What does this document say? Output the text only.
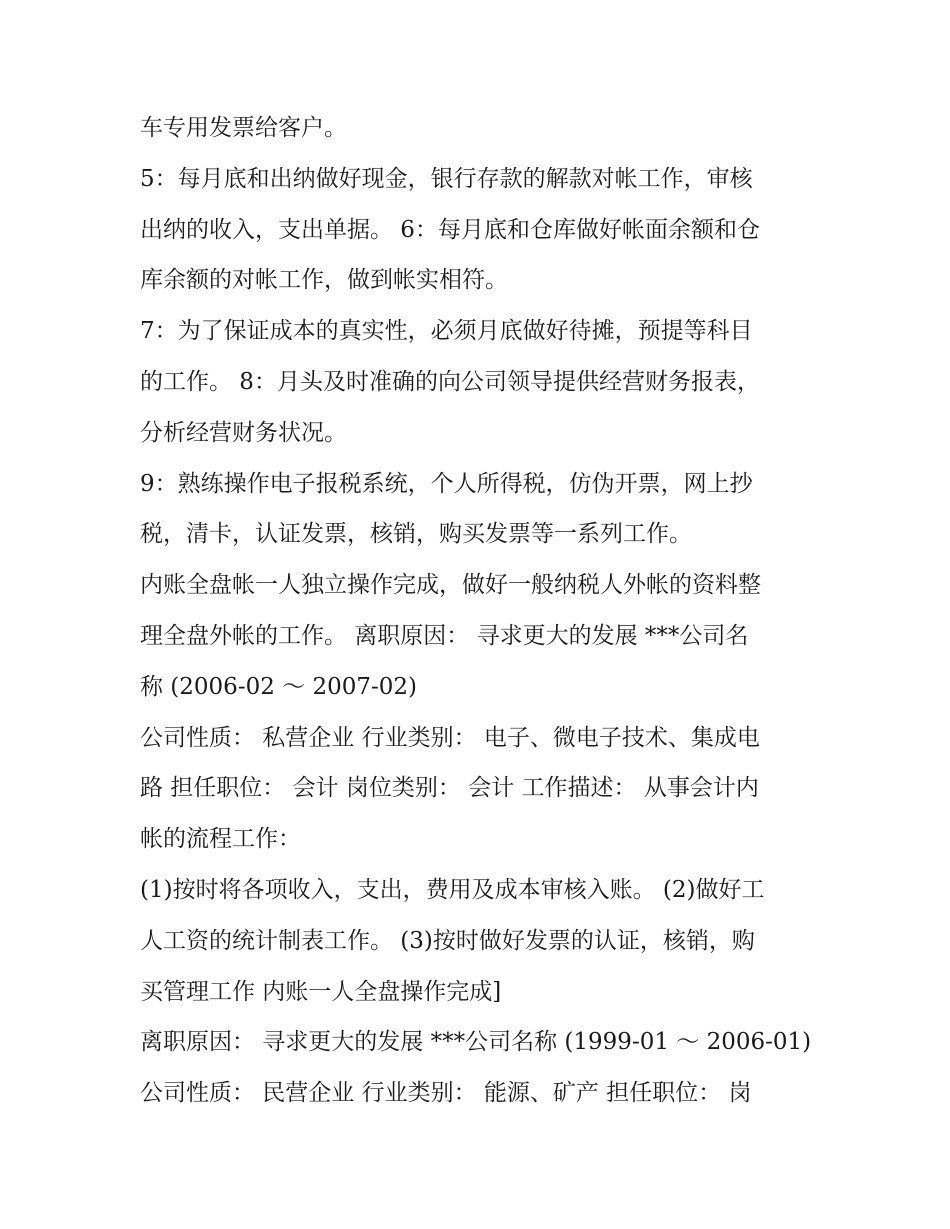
车专用发票给客户。
5：每月底和出纳做好现金，银行存款的解款对帐工作，审核
出纳的收入，支出单据。 6：每月底和仓库做好帐面余额和仓
库余额的对帐工作，做到帐实相符。
7：为了保证成本的真实性，必须月底做好待摊，预提等科目
的工作。 8：月头及时准确的向公司领导提供经营财务报表，
分析经营财务状况。
9：熟练操作电子报税系统，个人所得税，仿伪开票，网上抄
税，清卡，认证发票，核销，购买发票等一系列工作。
内账全盘帐一人独立操作完成，做好一般纳税人外帐的资料整
理全盘外帐的工作。 离职原因： 寻求更大的发展 ***公司名
称 (2006-02 ～ 2007-02)
公司性质： 私营企业 行业类别： 电子、微电子技术、集成电
路 担任职位： 会计 岗位类别： 会计 工作描述： 从事会计内
帐的流程工作：
(1)按时将各项收入，支出，费用及成本审核入账。 (2)做好工
人工资的统计制表工作。 (3)按时做好发票的认证，核销，购
买管理工作 内账一人全盘操作完成]
离职原因： 寻求更大的发展 ***公司名称 (1999-01 ～ 2006-01)
公司性质： 民营企业 行业类别： 能源、矿产 担任职位： 岗
